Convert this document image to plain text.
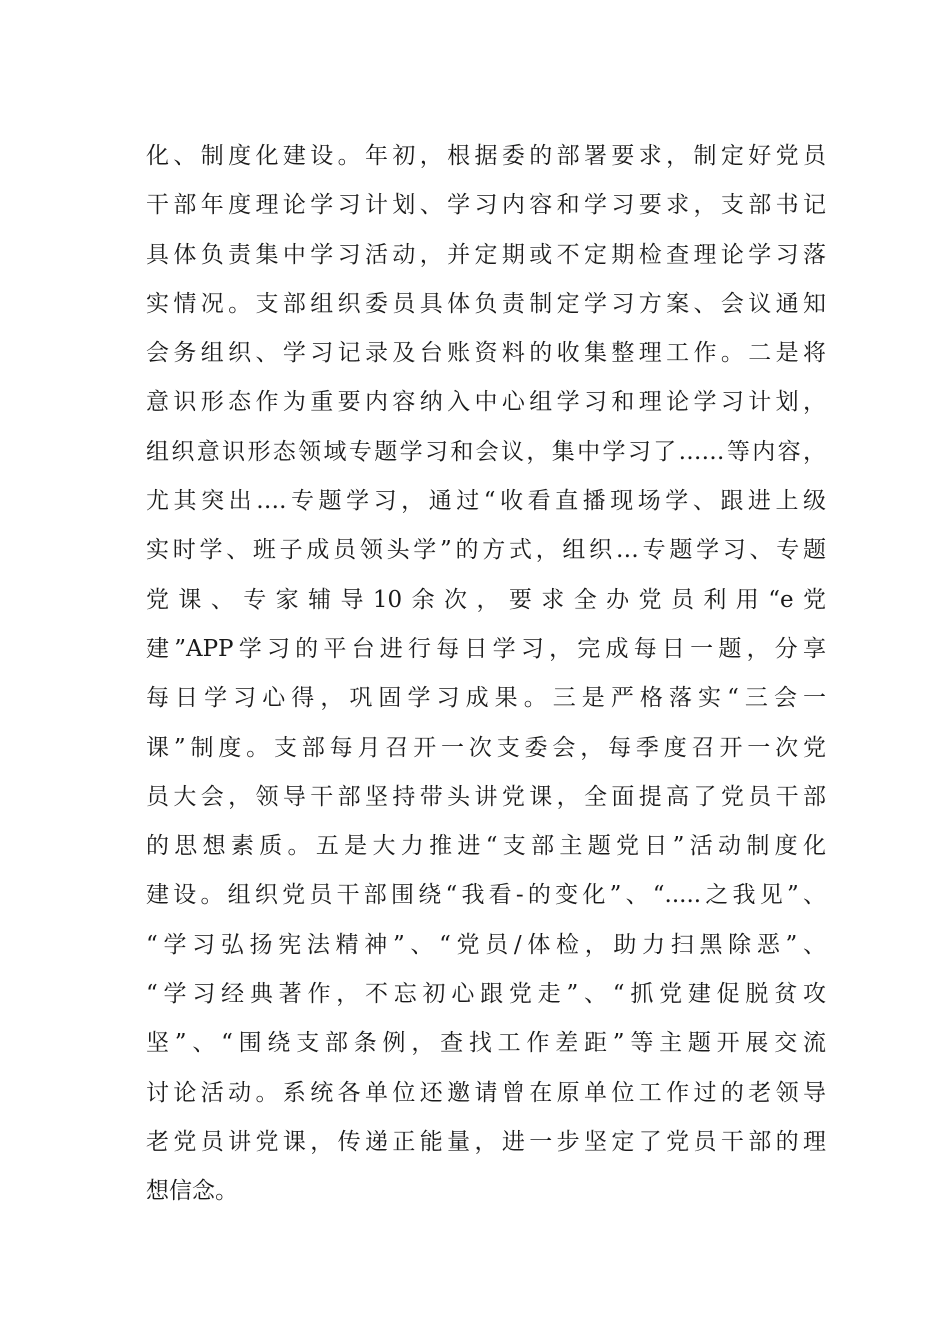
化、制度化建设。年初，根据委的部署要求，制定好党员
干部年度理论学习计划、学习内容和学习要求，支部书记
具体负责集中学习活动，并定期或不定期检查理论学习落
实情况。支部组织委员具体负责制定学习方案、会议通知
会务组织、学习记录及台账资料的收集整理工作。二是将
意识形态作为重要内容纳入中心组学习和理论学习计划，
组织意识形态领域专题学习和会议，集中学习了……等内容，
尤其突出….专题学习，通过“收看直播现场学、跟进上级
实时学、班子成员领头学”的方式，组织…专题学习、专题
党课、专家辅导10余次，要求全办党员利用“e党
建”APP学习的平台进行每日学习，完成每日一题，分享
每日学习心得，巩固学习成果。三是严格落实“三会一
课”制度。支部每月召开一次支委会，每季度召开一次党
员大会，领导干部坚持带头讲党课，全面提高了党员干部
的思想素质。五是大力推进“支部主题党日”活动制度化
建设。组织党员干部围绕“我看-的变化”、“.....之我见”、
“学习弘扬宪法精神”、“党员/体检，助力扫黑除恶”、
“学习经典著作，不忘初心跟党走”、“抓党建促脱贫攻
坚”、“围绕支部条例，查找工作差距”等主题开展交流
讨论活动。系统各单位还邀请曾在原单位工作过的老领导
老党员讲党课，传递正能量，进一步坚定了党员干部的理
想信念。
